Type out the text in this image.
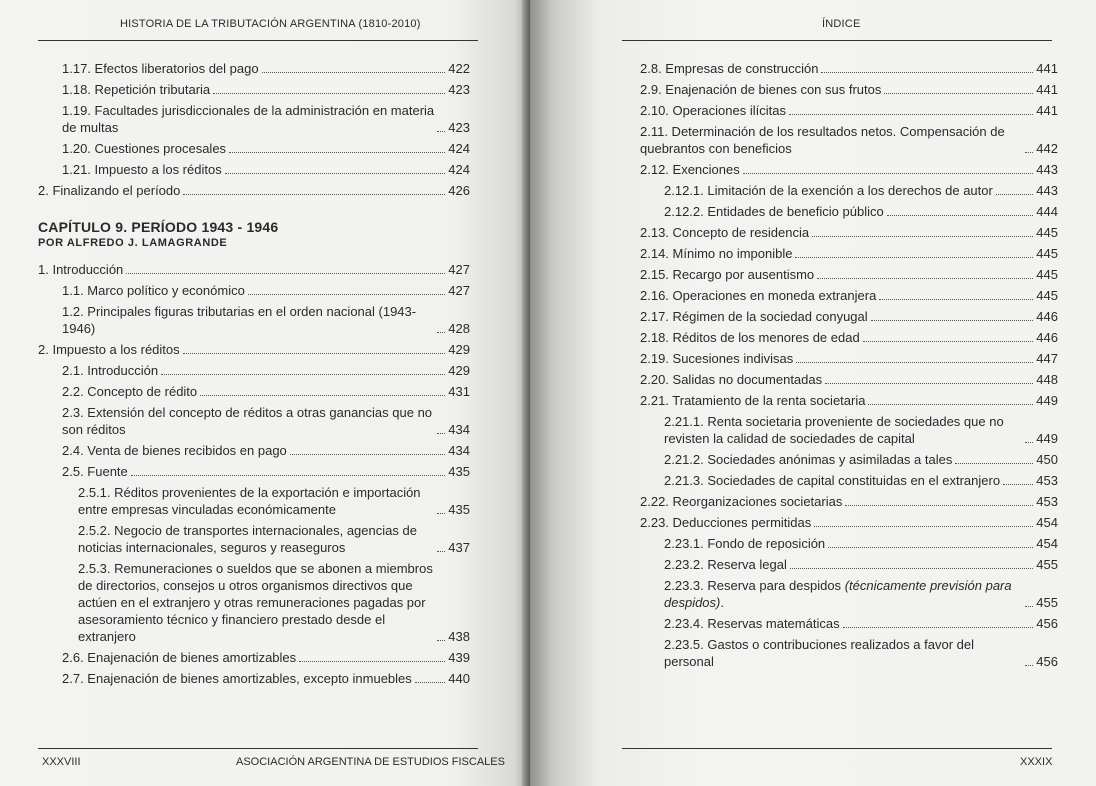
HISTORIA DE LA TRIBUTACIÓN ARGENTINA (1810-2010)
1.17. Efectos liberatorios del pago	422
1.18. Repetición tributaria	423
1.19. Facultades jurisdiccionales de la administración en materia de multas	423
1.20. Cuestiones procesales	424
1.21. Impuesto a los réditos	424
2. Finalizando el período	426
CAPÍTULO 9. PERÍODO 1943 - 1946
POR ALFREDO J. LAMAGRANDE
1. Introducción	427
1.1. Marco político y económico	427
1.2. Principales figuras tributarias en el orden nacional (1943-1946)	428
2. Impuesto a los réditos	429
2.1. Introducción	429
2.2. Concepto de rédito	431
2.3. Extensión del concepto de réditos a otras ganancias que no son réditos	434
2.4. Venta de bienes recibidos en pago	434
2.5. Fuente	435
2.5.1. Réditos provenientes de la exportación e importación entre empresas vinculadas económicamente	435
2.5.2. Negocio de transportes internacionales, agencias de noticias internacionales, seguros y reaseguros	437
2.5.3. Remuneraciones o sueldos que se abonen a miembros de directorios, consejos u otros organismos directivos que actúen en el extranjero y otras remuneraciones pagadas por asesoramiento técnico y financiero prestado desde el extranjero	438
2.6. Enajenación de bienes amortizables	439
2.7. Enajenación de bienes amortizables, excepto inmuebles	440
XXXVIII	ASOCIACIÓN ARGENTINA DE ESTUDIOS FISCALES
ÍNDICE
2.8. Empresas de construcción	441
2.9. Enajenación de bienes con sus frutos	441
2.10. Operaciones ilícitas	441
2.11. Determinación de los resultados netos. Compensación de quebrantos con beneficios	442
2.12. Exenciones	443
2.12.1. Limitación de la exención a los derechos de autor	443
2.12.2. Entidades de beneficio público	444
2.13. Concepto de residencia	445
2.14. Mínimo no imponible	445
2.15. Recargo por ausentismo	445
2.16. Operaciones en moneda extranjera	445
2.17. Régimen de la sociedad conyugal	446
2.18. Réditos de los menores de edad	446
2.19. Sucesiones indivisas	447
2.20. Salidas no documentadas	448
2.21. Tratamiento de la renta societaria	449
2.21.1. Renta societaria proveniente de sociedades que no revisten la calidad de sociedades de capital	449
2.21.2. Sociedades anónimas y asimiladas a tales	450
2.21.3. Sociedades de capital constituidas en el extranjero	453
2.22. Reorganizaciones societarias	453
2.23. Deducciones permitidas	454
2.23.1. Fondo de reposición	454
2.23.2. Reserva legal	455
2.23.3. Reserva para despidos (técnicamente previsión para despidos).	455
2.23.4. Reservas matemáticas	456
2.23.5. Gastos o contribuciones realizados a favor del personal	456
XXXIX
